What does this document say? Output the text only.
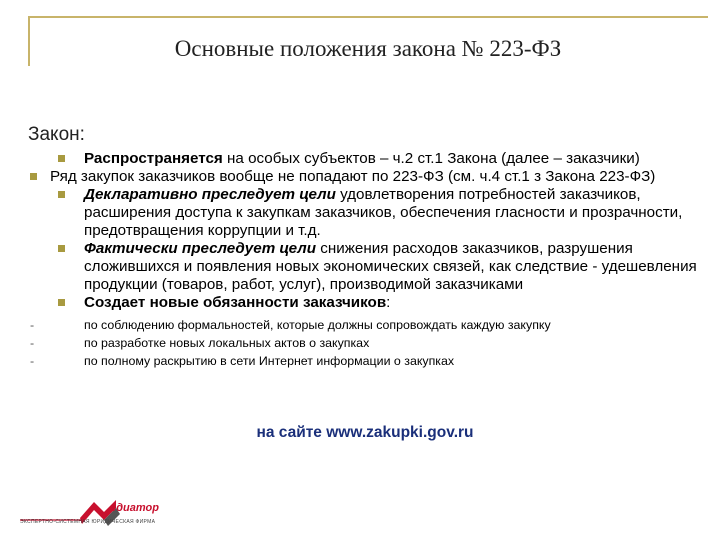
Основные положения закона № 223-ФЗ
Закон:
Распространяется на особых субъектов – ч.2 ст.1 Закона (далее – заказчики)
Ряд закупок заказчиков вообще не попадают по 223-ФЗ (см. ч.4 ст.1 з Закона 223-ФЗ)
Декларативно преследует цели удовлетворения потребностей заказчиков, расширения доступа к закупкам заказчиков, обеспечения гласности и прозрачности, предотвращения коррупции и т.д.
Фактически преследует цели снижения расходов заказчиков, разрушения сложившихся и появления новых экономических связей, как следствие - удешевления продукции (товаров, работ, услуг), производимой заказчиками
Создает новые обязанности заказчиков:
-	по соблюдению формальностей, которые должны сопровождать каждую закупку
-	по разработке новых локальных актов о закупках
-	по полному раскрытию в сети Интернет информации о закупках
на сайте www.zakupki.gov.ru
едиатор
ЭКСПЕРТНО-СИСТЕМНАЯ ЮРИДИЧЕСКАЯ ФИРМА
